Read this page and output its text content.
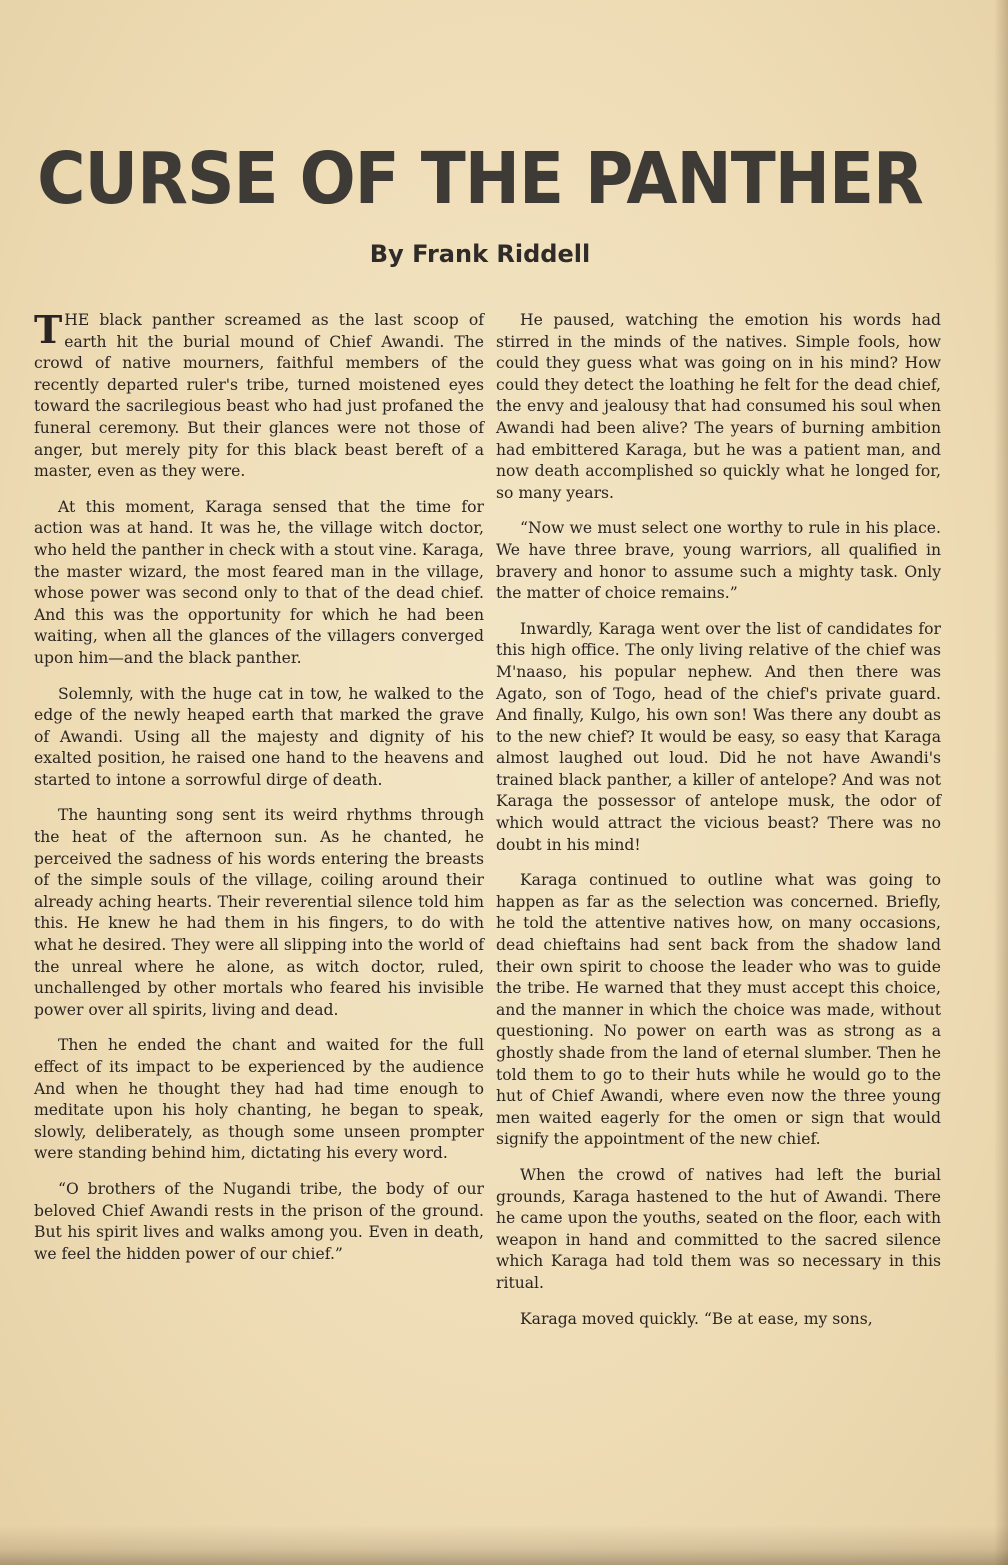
CURSE OF THE PANTHER
By Frank Riddell

THE black panther screamed as the last scoop of earth hit the burial mound of Chief Awandi. The crowd of native mourners, faithful members of the recently departed ruler's tribe, turned moistened eyes toward the sacrilegious beast who had just profaned the funeral ceremony. But their glances were not those of anger, but merely pity for this black beast bereft of a master, even as they were.

At this moment, Karaga sensed that the time for action was at hand. It was he, the village witch doctor, who held the panther in check with a stout vine. Karaga, the master wizard, the most feared man in the village, whose power was second only to that of the dead chief. And this was the opportunity for which he had been waiting, when all the glances of the villagers converged upon him—and the black panther.

Solemnly, with the huge cat in tow, he walked to the edge of the newly heaped earth that marked the grave of Awandi. Using all the majesty and dignity of his exalted position, he raised one hand to the heavens and started to intone a sorrowful dirge of death.

The haunting song sent its weird rhythms through the heat of the afternoon sun. As he chanted, he perceived the sadness of his words entering the breasts of the simple souls of the village, coiling around their already aching hearts. Their reverential silence told him this. He knew he had them in his fingers, to do with what he desired. They were all slipping into the world of the unreal where he alone, as witch doctor, ruled, unchallenged by other mortals who feared his invisible power over all spirits, living and dead.

Then he ended the chant and waited for the full effect of its impact to be experienced by the audience And when he thought they had had time enough to meditate upon his holy chanting, he began to speak, slowly, deliberately, as though some unseen prompter were standing behind him, dictating his every word.

“O brothers of the Nugandi tribe, the body of our beloved Chief Awandi rests in the prison of the ground. But his spirit lives and walks among you. Even in death, we feel the hidden power of our chief.”

He paused, watching the emotion his words had stirred in the minds of the natives. Simple fools, how could they guess what was going on in his mind? How could they detect the loathing he felt for the dead chief, the envy and jealousy that had consumed his soul when Awandi had been alive? The years of burning ambition had embittered Karaga, but he was a patient man, and now death accomplished so quickly what he longed for, so many years.

“Now we must select one worthy to rule in his place. We have three brave, young warriors, all qualified in bravery and honor to assume such a mighty task. Only the matter of choice remains.”

Inwardly, Karaga went over the list of candidates for this high office. The only living relative of the chief was M'naaso, his popular nephew. And then there was Agato, son of Togo, head of the chief's private guard. And finally, Kulgo, his own son! Was there any doubt as to the new chief? It would be easy, so easy that Karaga almost laughed out loud. Did he not have Awandi's trained black panther, a killer of antelope? And was not Karaga the possessor of antelope musk, the odor of which would attract the vicious beast? There was no doubt in his mind!

Karaga continued to outline what was going to happen as far as the selection was concerned. Briefly, he told the attentive natives how, on many occasions, dead chieftains had sent back from the shadow land their own spirit to choose the leader who was to guide the tribe. He warned that they must accept this choice, and the manner in which the choice was made, without questioning. No power on earth was as strong as a ghostly shade from the land of eternal slumber. Then he told them to go to their huts while he would go to the hut of Chief Awandi, where even now the three young men waited eagerly for the omen or sign that would signify the appointment of the new chief.

When the crowd of natives had left the burial grounds, Karaga hastened to the hut of Awandi. There he came upon the youths, seated on the floor, each with weapon in hand and committed to the sacred silence which Karaga had told them was so necessary in this ritual.

Karaga moved quickly. “Be at ease, my sons,
